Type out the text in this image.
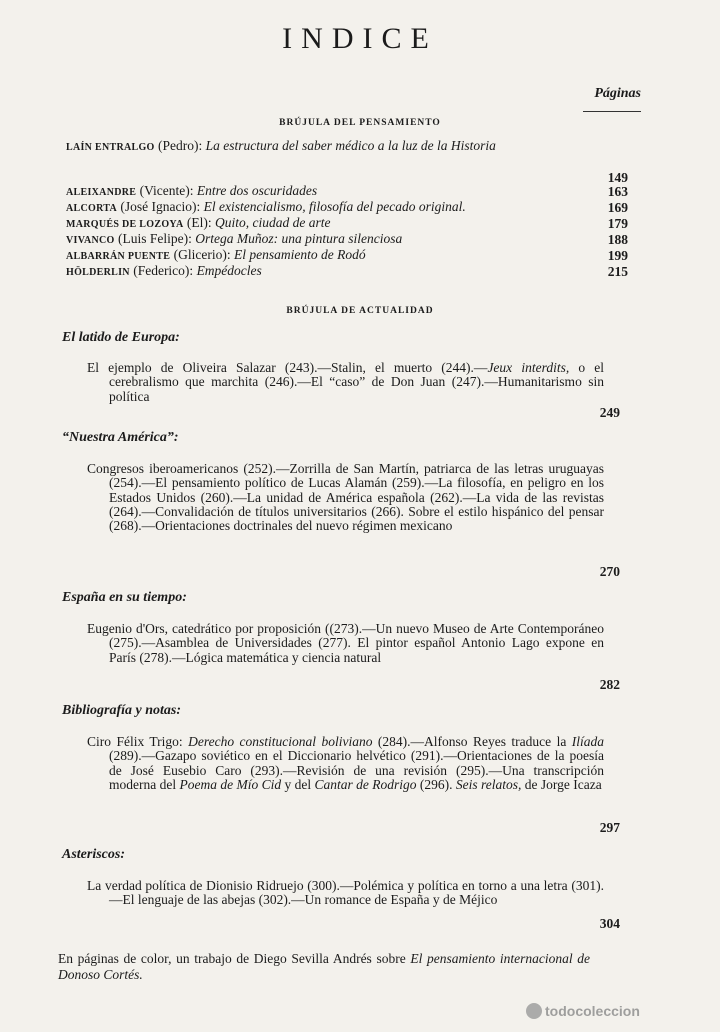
INDICE
Páginas
BRÚJULA DEL PENSAMIENTO
LAÍN ENTRALGO (Pedro): La estructura del saber médico a la luz de la Historia
149
ALEIXANDRE (Vicente): Entre dos oscuridades	163
ALCORTA (José Ignacio): El existencialismo, filosofía del pecado original.	169
MARQUÉS DE LOZOYA (El): Quito, ciudad de arte	179
VIVANCO (Luis Felipe): Ortega Muñoz: una pintura silenciosa	188
ALBARRÁN PUENTE (Glicerio): El pensamiento de Rodó	199
HÖLDERLIN (Federico): Empédocles	215
BRÚJULA DE ACTUALIDAD
El latido de Europa:
El ejemplo de Oliveira Salazar (243).—Stalin, el muerto (244).—Jeux interdits, o el cerebralismo que marchita (246).—El “caso” de Don Juan (247).—Humanitarismo sin política
249
“Nuestra América”:
Congresos iberoamericanos (252).—Zorrilla de San Martín, patriarca de las letras uruguayas (254).—El pensamiento político de Lucas Alamán (259).—La filosofía, en peligro en los Estados Unidos (260).—La unidad de América española (262).—La vida de las revistas (264).—Convalidación de títulos universitarios (266). Sobre el estilo hispánico del pensar (268).—Orientaciones doctrinales del nuevo régimen mexicano
270
España en su tiempo:
Eugenio d'Ors, catedrático por proposición ((273).—Un nuevo Museo de Arte Contemporáneo (275).—Asamblea de Universidades (277). El pintor español Antonio Lago expone en París (278).—Lógica matemática y ciencia natural
282
Bibliografía y notas:
Ciro Félix Trigo: Derecho constitucional boliviano (284).—Alfonso Reyes traduce la Ilíada (289).—Gazapo soviético en el Diccionario helvético (291).—Orientaciones de la poesía de José Eusebio Caro (293).—Revisión de una revisión (295).—Una transcripción moderna del Poema de Mío Cid y del Cantar de Rodrigo (296). Seis relatos, de Jorge Icaza
297
Asteriscos:
La verdad política de Dionisio Ridruejo (300).—Polémica y política en torno a una letra (301).—El lenguaje de las abejas (302).—Un romance de España y de Méjico
304
En páginas de color, un trabajo de Diego Sevilla Andrés sobre El pensamiento internacional de Donoso Cortés.
todocoleccion
